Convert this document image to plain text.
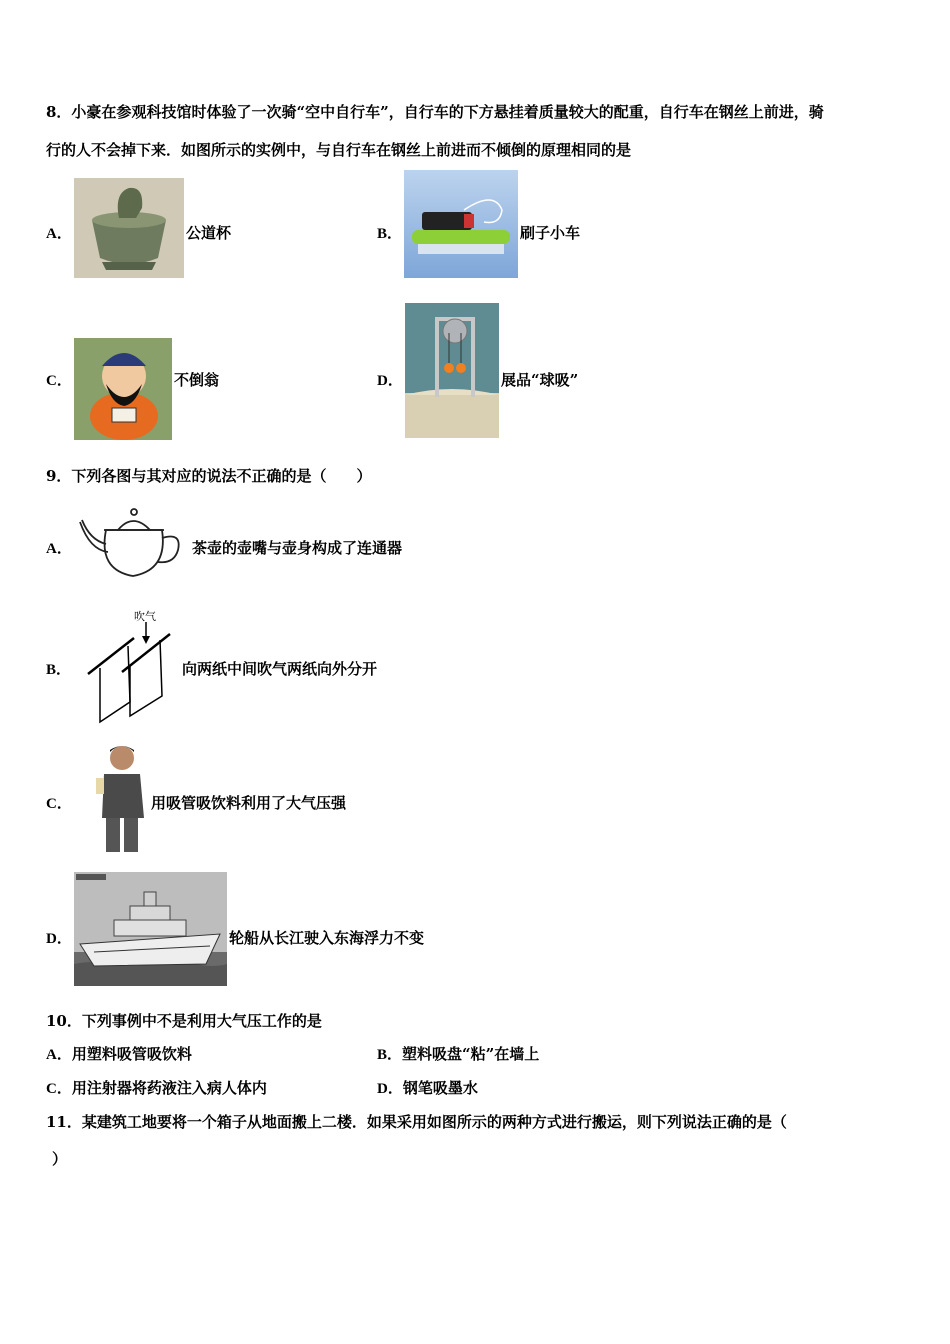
8．小豪在参观科技馆时体验了一次骑“空中自行车”，自行车的下方悬挂着质量较大的配重，自行车在钢丝上前进，骑
行的人不会掉下来．如图所示的实例中，与自行车在钢丝上前进而不倾倒的原理相同的是
A．	公道杯	B．	刷子小车
C．	不倒翁	D．	展品“球吸”
9．下列各图与其对应的说法不正确的是（　　）
A．	茶壶的壶嘴与壶身构成了连通器
B．
吹气
向两纸中间吹气两纸向外分开
C．	用吸管吸饮料利用了大气压强
D．	轮船从长江驶入东海浮力不变
10．下列事例中不是利用大气压工作的是
A．用塑料吸管吸饮料	B．塑料吸盘“粘”在墙上
C．用注射器将药液注入病人体内	D．钢笔吸墨水
11．某建筑工地要将一个箱子从地面搬上二楼．如果采用如图所示的两种方式进行搬运，则下列说法正确的是（
）
